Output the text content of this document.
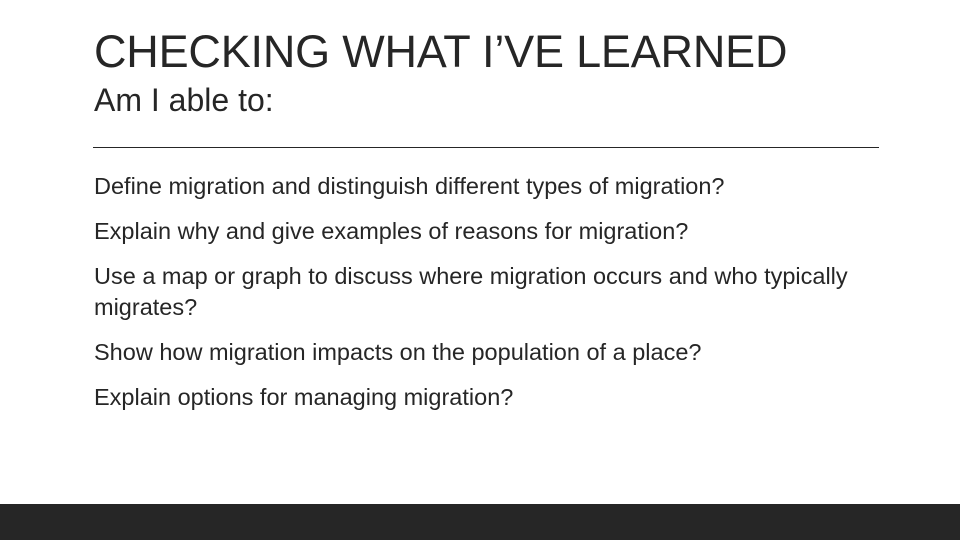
CHECKING WHAT I’VE LEARNED
Am I able to:
Define migration and distinguish different types of migration?
Explain why and give examples of reasons for migration?
Use a map or graph to discuss where migration occurs and who typically migrates?
Show how migration impacts on the population of a place?
Explain options for managing migration?
